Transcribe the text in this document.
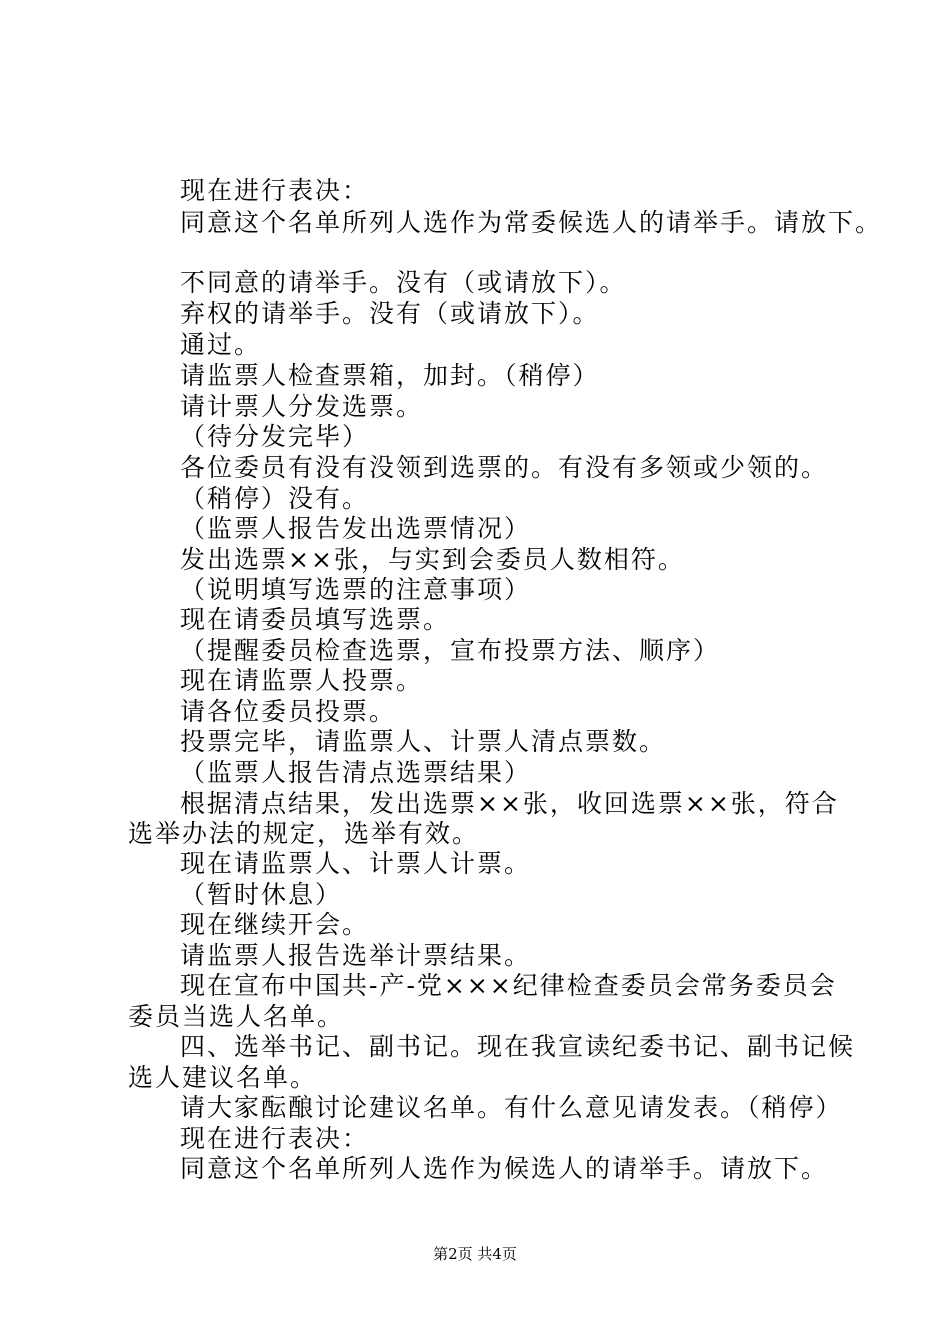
现在进行表决：
同意这个名单所列人选作为常委候选人的请举手。请放下。
不同意的请举手。没有（或请放下）。
弃权的请举手。没有（或请放下）。
通过。
请监票人检查票箱，加封。（稍停）
请计票人分发选票。
（待分发完毕）
各位委员有没有没领到选票的。有没有多领或少领的。
（稍停）没有。
（监票人报告发出选票情况）
发出选票××张，与实到会委员人数相符。
（说明填写选票的注意事项）
现在请委员填写选票。
（提醒委员检查选票，宣布投票方法、顺序）
现在请监票人投票。
请各位委员投票。
投票完毕，请监票人、计票人清点票数。
（监票人报告清点选票结果）
根据清点结果，发出选票××张，收回选票××张，符合
选举办法的规定，选举有效。
现在请监票人、计票人计票。
（暂时休息）
现在继续开会。
请监票人报告选举计票结果。
现在宣布中国共-产-党×××纪律检查委员会常务委员会
委员当选人名单。
四、选举书记、副书记。现在我宣读纪委书记、副书记候
选人建议名单。
请大家酝酿讨论建议名单。有什么意见请发表。（稍停）
现在进行表决：
同意这个名单所列人选作为候选人的请举手。请放下。
第2页 共4页
